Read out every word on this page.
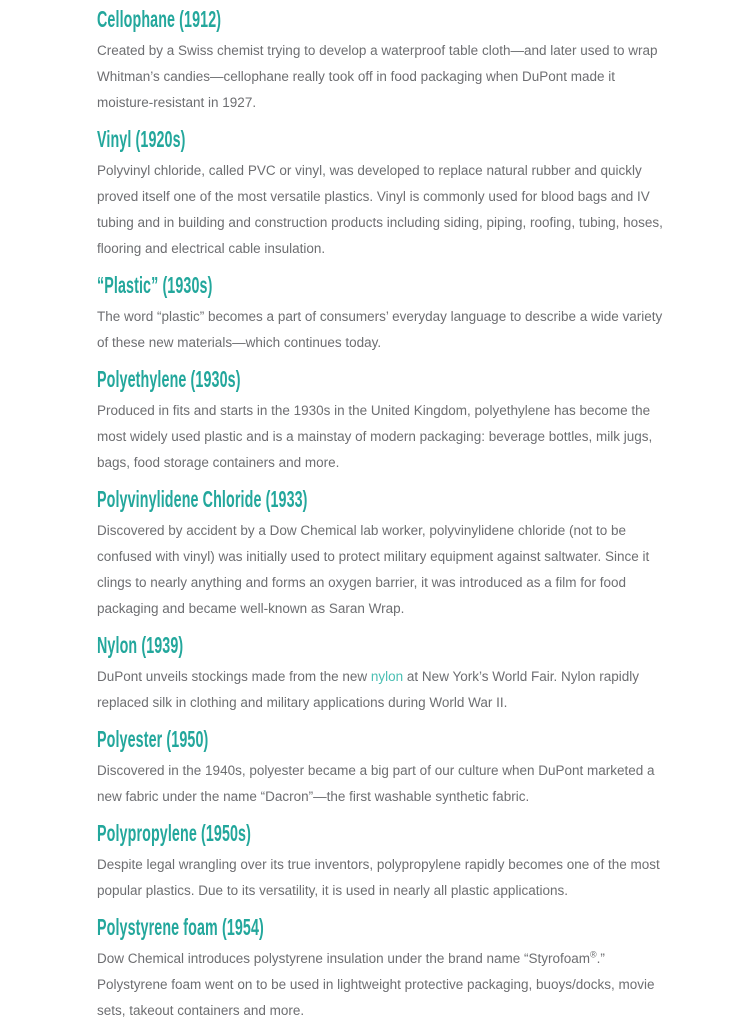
Cellophane (1912)

Created by a Swiss chemist trying to develop a waterproof table cloth—and later used to wrap Whitman’s candies—cellophane really took off in food packaging when DuPont made it moisture-resistant in 1927.

Vinyl (1920s)

Polyvinyl chloride, called PVC or vinyl, was developed to replace natural rubber and quickly proved itself one of the most versatile plastics. Vinyl is commonly used for blood bags and IV tubing and in building and construction products including siding, piping, roofing, tubing, hoses, flooring and electrical cable insulation.

“Plastic” (1930s)

The word “plastic” becomes a part of consumers’ everyday language to describe a wide variety of these new materials—which continues today.

Polyethylene (1930s)

Produced in fits and starts in the 1930s in the United Kingdom, polyethylene has become the most widely used plastic and is a mainstay of modern packaging: beverage bottles, milk jugs, bags, food storage containers and more.

Polyvinylidene Chloride (1933)

Discovered by accident by a Dow Chemical lab worker, polyvinylidene chloride (not to be confused with vinyl) was initially used to protect military equipment against saltwater. Since it clings to nearly anything and forms an oxygen barrier, it was introduced as a film for food packaging and became well-known as Saran Wrap.

Nylon (1939)

DuPont unveils stockings made from the new nylon at New York’s World Fair. Nylon rapidly replaced silk in clothing and military applications during World War II.

Polyester (1950)

Discovered in the 1940s, polyester became a big part of our culture when DuPont marketed a new fabric under the name “Dacron”—the first washable synthetic fabric.

Polypropylene (1950s)

Despite legal wrangling over its true inventors, polypropylene rapidly becomes one of the most popular plastics. Due to its versatility, it is used in nearly all plastic applications.

Polystyrene foam (1954)

Dow Chemical introduces polystyrene insulation under the brand name “Styrofoam®.” Polystyrene foam went on to be used in lightweight protective packaging, buoys/docks, movie sets, takeout containers and more.
